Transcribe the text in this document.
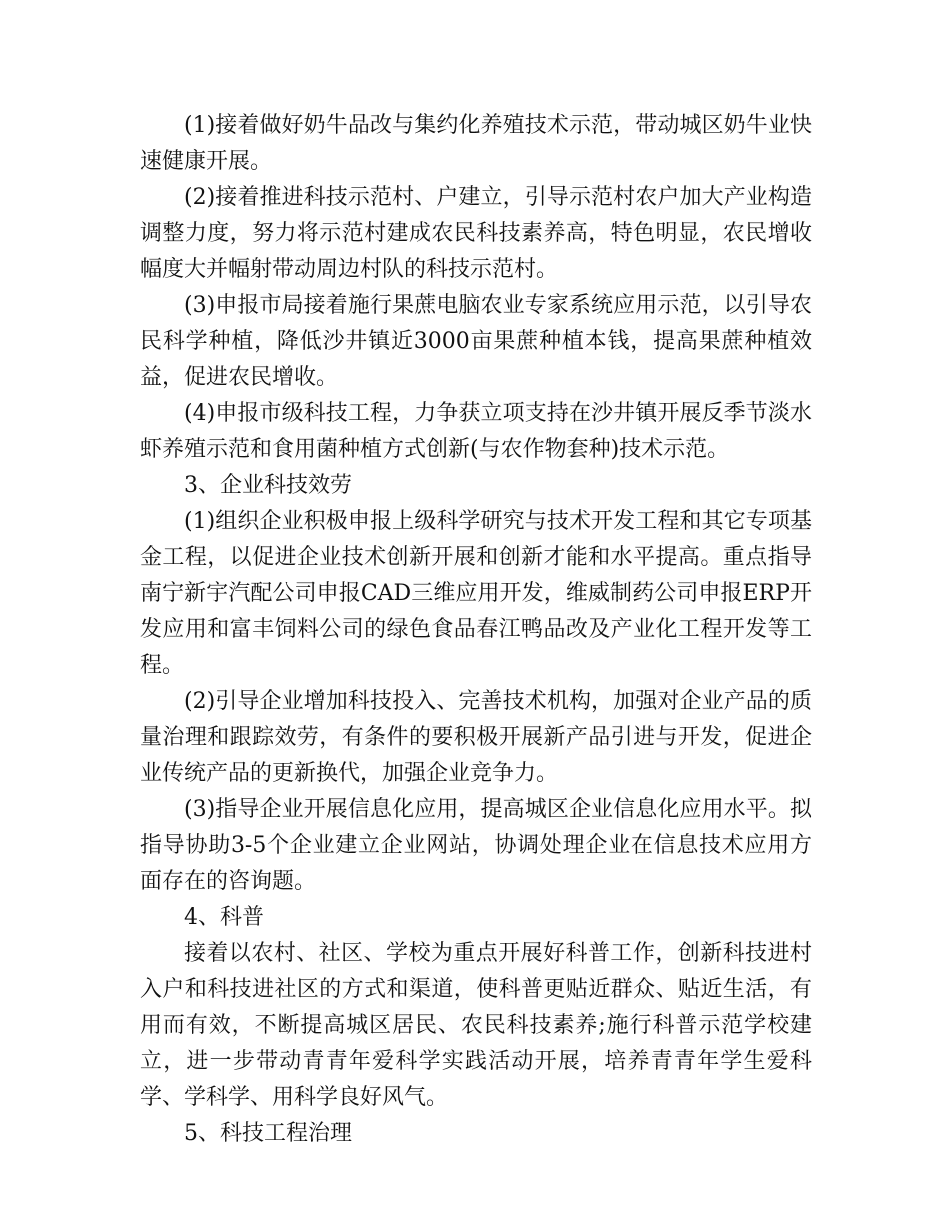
(1)接着做好奶牛品改与集约化养殖技术示范，带动城区奶牛业快速健康开展。

(2)接着推进科技示范村、户建立，引导示范村农户加大产业构造调整力度，努力将示范村建成农民科技素养高，特色明显，农民增收幅度大并幅射带动周边村队的科技示范村。

(3)申报市局接着施行果蔗电脑农业专家系统应用示范，以引导农民科学种植，降低沙井镇近3000亩果蔗种植本钱，提高果蔗种植效益，促进农民增收。

(4)申报市级科技工程，力争获立项支持在沙井镇开展反季节淡水虾养殖示范和食用菌种植方式创新(与农作物套种)技术示范。

3、企业科技效劳

(1)组织企业积极申报上级科学研究与技术开发工程和其它专项基金工程，以促进企业技术创新开展和创新才能和水平提高。重点指导南宁新宇汽配公司申报CAD三维应用开发，维威制药公司申报ERP开发应用和富丰饲料公司的绿色食品春江鸭品改及产业化工程开发等工程。

(2)引导企业增加科技投入、完善技术机构，加强对企业产品的质量治理和跟踪效劳，有条件的要积极开展新产品引进与开发，促进企业传统产品的更新换代，加强企业竞争力。

(3)指导企业开展信息化应用，提高城区企业信息化应用水平。拟指导协助3-5个企业建立企业网站，协调处理企业在信息技术应用方面存在的咨询题。

4、科普

接着以农村、社区、学校为重点开展好科普工作，创新科技进村入户和科技进社区的方式和渠道，使科普更贴近群众、贴近生活，有用而有效，不断提高城区居民、农民科技素养;施行科普示范学校建立，进一步带动青青年爱科学实践活动开展，培养青青年学生爱科学、学科学、用科学良好风气。

5、科技工程治理
